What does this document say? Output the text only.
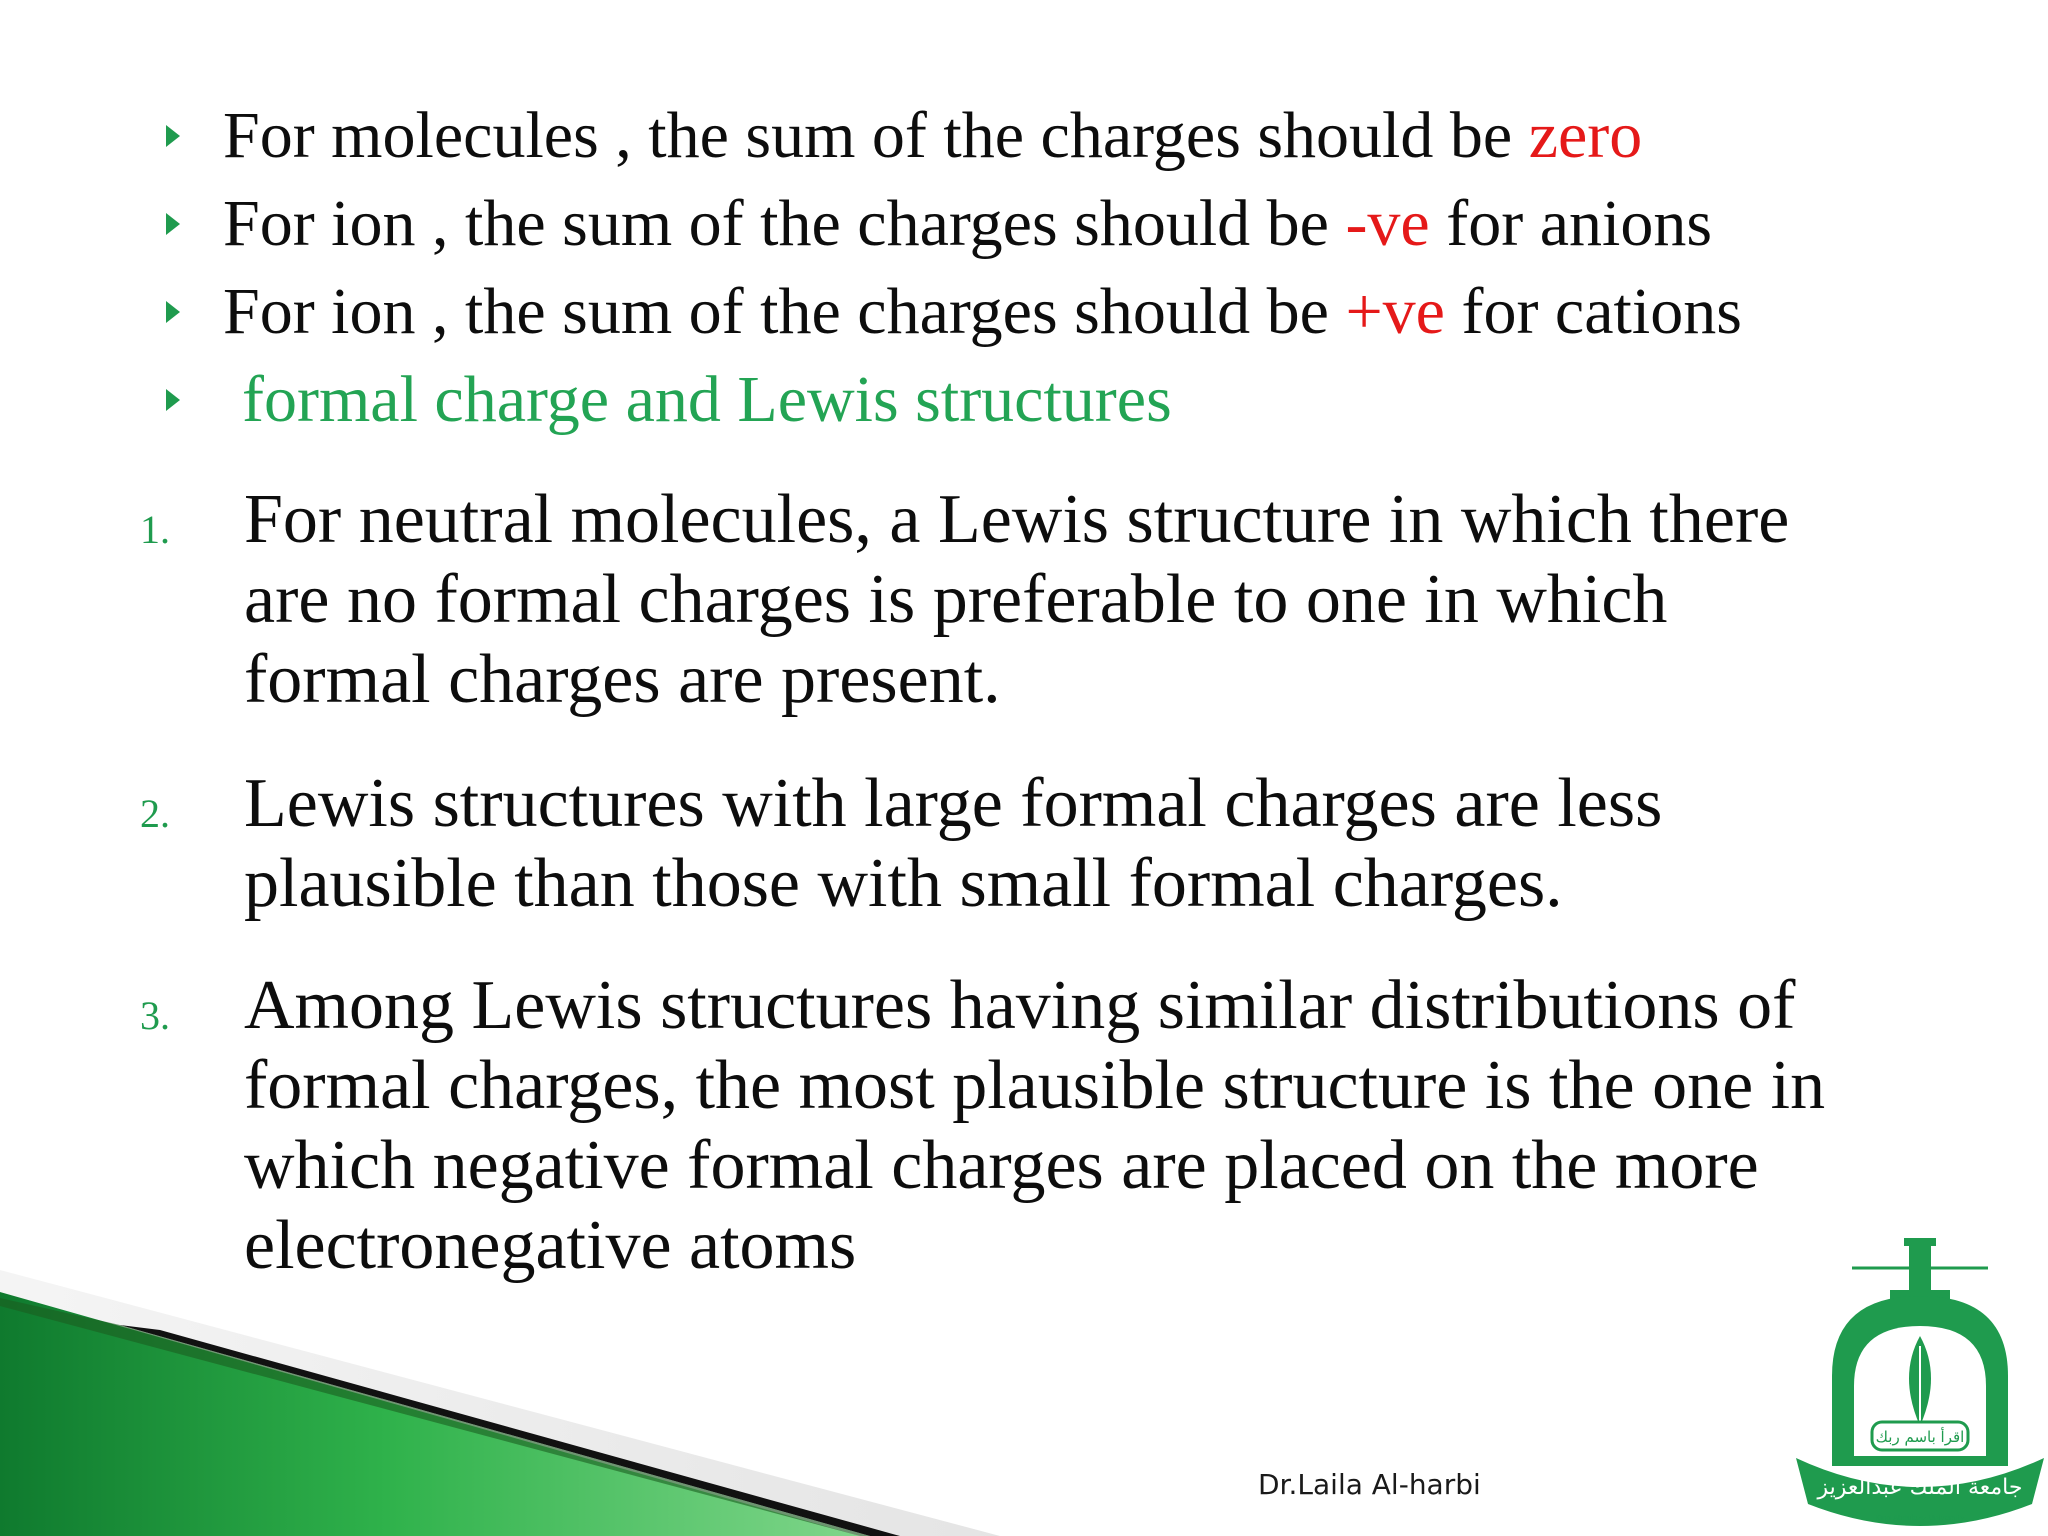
For molecules , the sum of the charges should be zero
For ion , the sum of the charges should be -ve for anions
For ion , the sum of the charges should be +ve for cations
formal charge and Lewis structures
1. For neutral molecules, a Lewis structure in which there
are no formal charges is preferable to one in which
formal charges are present.
2. Lewis structures with large formal charges are less
plausible than those with small formal charges.
3. Among Lewis structures having similar distributions of
formal charges, the most plausible structure is the one in
which negative formal charges are placed on the more
electronegative atoms
Dr.Laila Al-harbi
اقرأ باسم ربك
جامعة الملك عبدالعزيز
King Abdulaziz University
